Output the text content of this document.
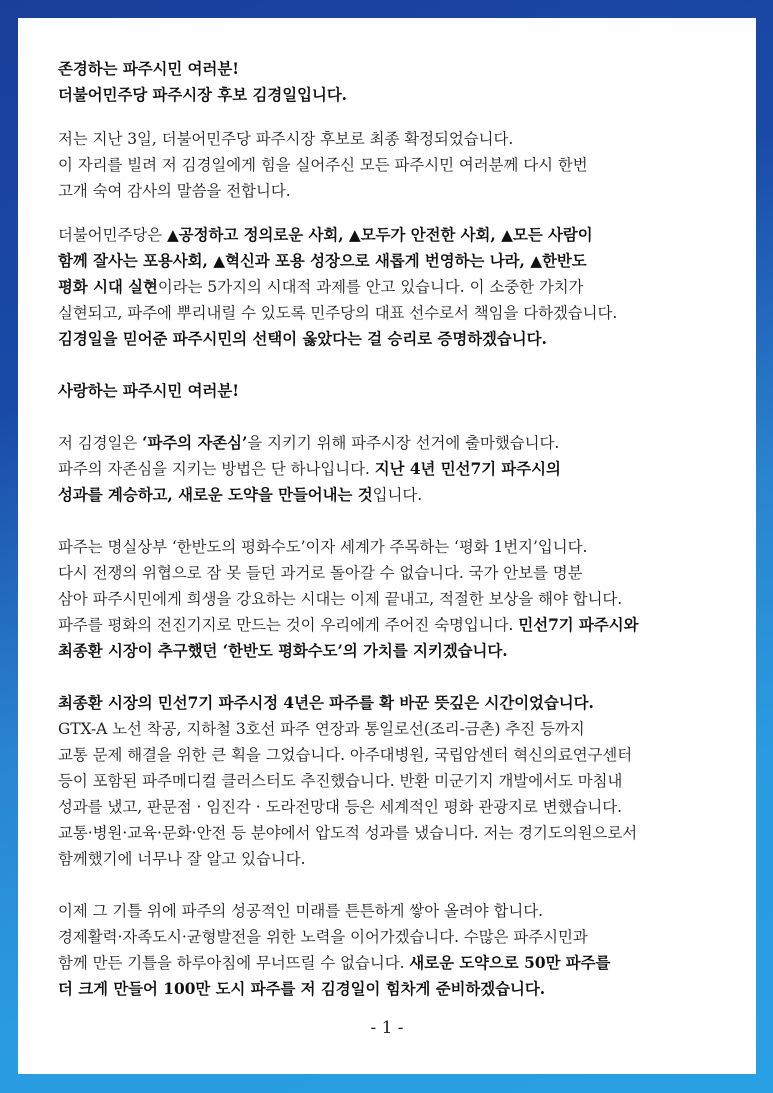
존경하는 파주시민 여러분!

더불어민주당 파주시장 후보 김경일입니다.

저는 지난 3일, 더불어민주당 파주시장 후보로 최종 확정되었습니다.

이 자리를 빌려 저 김경일에게 힘을 실어주신 모든 파주시민 여러분께 다시 한번

고개 숙여 감사의 말씀을 전합니다.

더불어민주당은 ▲공정하고 정의로운 사회, ▲모두가 안전한 사회, ▲모든 사람이

함께 잘사는 포용사회, ▲혁신과 포용 성장으로 새롭게 번영하는 나라, ▲한반도

평화 시대 실현이라는 5가지의 시대적 과제를 안고 있습니다. 이 소중한 가치가

실현되고, 파주에 뿌리내릴 수 있도록 민주당의 대표 선수로서 책임을 다하겠습니다.

김경일을 믿어준 파주시민의 선택이 옳았다는 걸 승리로 증명하겠습니다.

사랑하는 파주시민 여러분!

저 김경일은 ‘파주의 자존심’을 지키기 위해 파주시장 선거에 출마했습니다.

파주의 자존심을 지키는 방법은 단 하나입니다. 지난 4년 민선7기 파주시의

성과를 계승하고, 새로운 도약을 만들어내는 것입니다.

파주는 명실상부 ‘한반도의 평화수도’이자 세계가 주목하는 ‘평화 1번지’입니다.

다시 전쟁의 위협으로 잠 못 들던 과거로 돌아갈 수 없습니다. 국가 안보를 명분

삼아 파주시민에게 희생을 강요하는 시대는 이제 끝내고, 적절한 보상을 해야 합니다.

파주를 평화의 전진기지로 만드는 것이 우리에게 주어진 숙명입니다. 민선7기 파주시와

최종환 시장이 추구했던 ‘한반도 평화수도’의 가치를 지키겠습니다.

최종환 시장의 민선7기 파주시정 4년은 파주를 확 바꾼 뜻깊은 시간이었습니다.

GTX-A 노선 착공, 지하철 3호선 파주 연장과 통일로선(조리-금촌) 추진 등까지

교통 문제 해결을 위한 큰 획을 그었습니다. 아주대병원, 국립암센터 혁신의료연구센터

등이 포함된 파주메디컬 클러스터도 추진했습니다. 반환 미군기지 개발에서도 마침내

성과를 냈고, 판문점 · 임진각 · 도라전망대 등은 세계적인 평화 관광지로 변했습니다.

교통·병원·교육·문화·안전 등 분야에서 압도적 성과를 냈습니다. 저는 경기도의원으로서

함께했기에 너무나 잘 알고 있습니다.

이제 그 기틀 위에 파주의 성공적인 미래를 튼튼하게 쌓아 올려야 합니다.

경제활력·자족도시·균형발전을 위한 노력을 이어가겠습니다. 수많은 파주시민과

함께 만든 기틀을 하루아침에 무너뜨릴 수 없습니다. 새로운 도약으로 50만 파주를

더 크게 만들어 100만 도시 파주를 저 김경일이 힘차게 준비하겠습니다.

- 1 -
